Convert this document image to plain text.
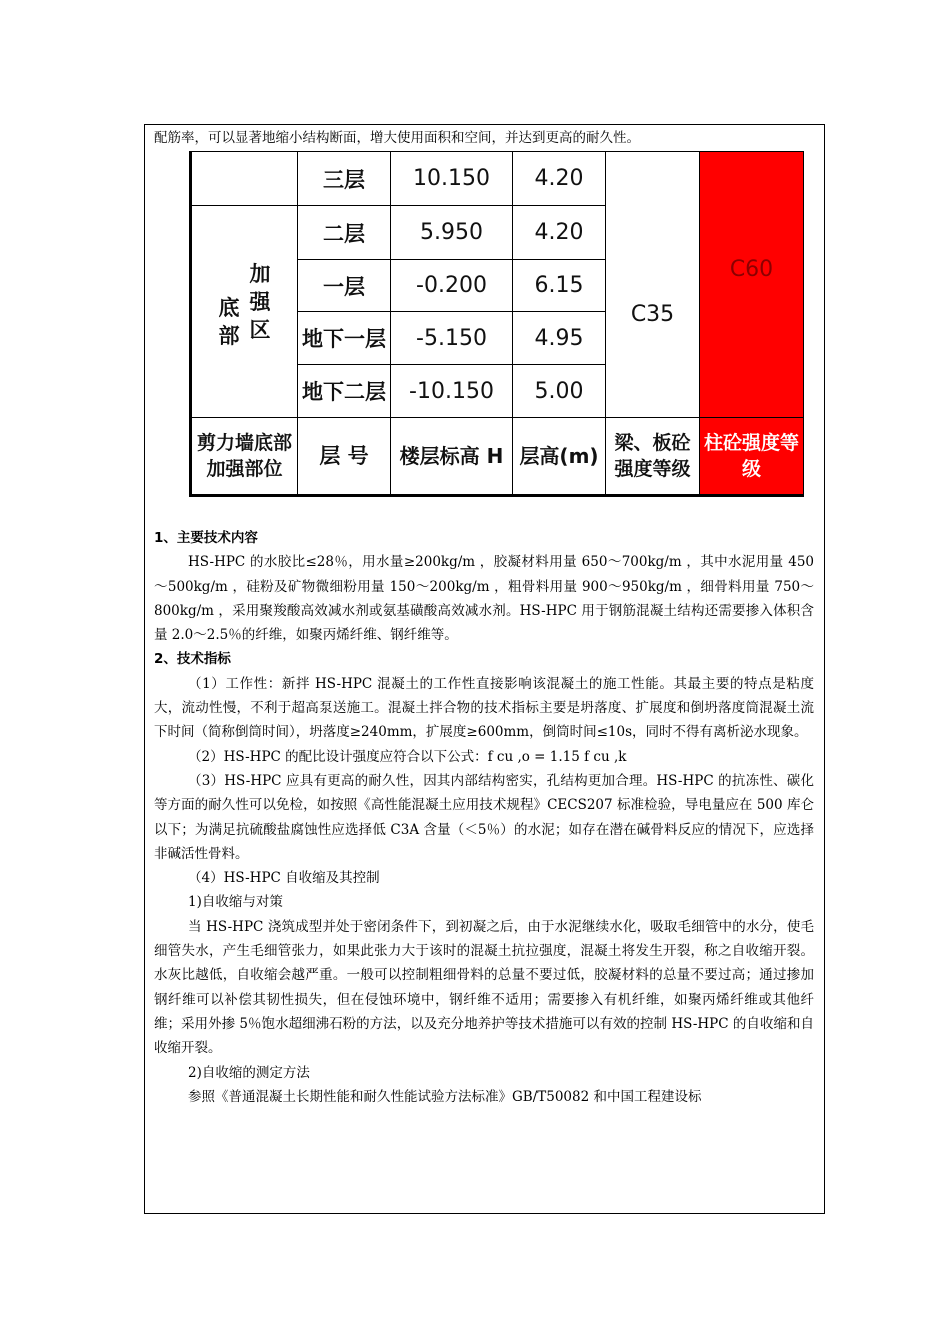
配筋率，可以显著地缩小结构断面，增大使用面积和空间，并达到更高的耐久性。
	三层	10.150	4.20	C35	C60
底部 加强区	二层	5.950	4.20		
	一层	-0.200	6.15		
	地下一层	-5.150	4.95		
	地下二层	-10.150	5.00		
剪力墙底部加强部位	层 号	楼层标高 H	层高(m)	梁、板砼强度等级	柱砼强度等级

1、主要技术内容

HS-HPC 的水胶比≤28％，用水量≥200kg/m ，胶凝材料用量 650～700kg/m ，其中水泥用量 450～500kg/m ，硅粉及矿物微细粉用量 150～200kg/m ，粗骨料用量 900～950kg/m ，细骨料用量 750～800kg/m ，采用聚羧酸高效减水剂或氨基磺酸高效减水剂。HS-HPC 用于钢筋混凝土结构还需要掺入体积含量 2.0～2.5％的纤维，如聚丙烯纤维、钢纤维等。

2、技术指标

（1）工作性：新拌 HS-HPC 混凝土的工作性直接影响该混凝土的施工性能。其最主要的特点是粘度大，流动性慢，不利于超高泵送施工。混凝土拌合物的技术指标主要是坍落度、扩展度和倒坍落度筒混凝土流下时间（简称倒筒时间），坍落度≥240mm，扩展度≥600mm，倒筒时间≤10s，同时不得有离析泌水现象。

（2）HS-HPC 的配比设计强度应符合以下公式：f cu ,o = 1.15 f cu ,k

（3）HS-HPC 应具有更高的耐久性，因其内部结构密实，孔结构更加合理。HS-HPC 的抗冻性、碳化等方面的耐久性可以免检，如按照《高性能混凝土应用技术规程》CECS207 标准检验，导电量应在 500 库仑以下；为满足抗硫酸盐腐蚀性应选择低 C3A 含量（＜5％）的水泥；如存在潜在碱骨料反应的情况下，应选择非碱活性骨料。

（4）HS-HPC 自收缩及其控制

1)自收缩与对策

当 HS-HPC 浇筑成型并处于密闭条件下，到初凝之后，由于水泥继续水化，吸取毛细管中的水分，使毛细管失水，产生毛细管张力，如果此张力大于该时的混凝土抗拉强度，混凝土将发生开裂，称之自收缩开裂。水灰比越低，自收缩会越严重。一般可以控制粗细骨料的总量不要过低，胶凝材料的总量不要过高；通过掺加钢纤维可以补偿其韧性损失，但在侵蚀环境中，钢纤维不适用；需要掺入有机纤维，如聚丙烯纤维或其他纤维；采用外掺 5％饱水超细沸石粉的方法，以及充分地养护等技术措施可以有效的控制 HS-HPC 的自收缩和自收缩开裂。

2)自收缩的测定方法

参照《普通混凝土长期性能和耐久性能试验方法标准》GB/T50082 和中国工程建设标
